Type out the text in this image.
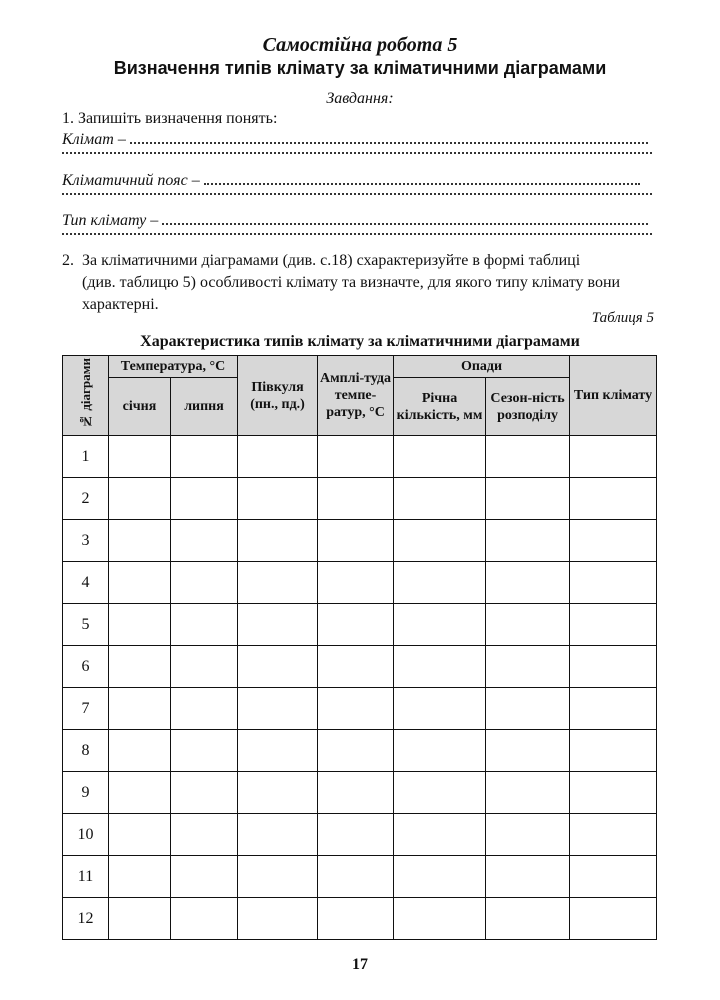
Самостійна робота 5
Визначення типів клімату за кліматичними діаграмами
Завдання:
1. Запишіть визначення понять:
Клімат –
Кліматичний пояс –
Тип клімату –
2. За кліматичними діаграмами (див. с.18) схарактеризуйте в формі таблиці
(див. таблицю 5) особливості клімату та визначте, для якого типу клімату вони
характерні.
Таблиця 5
Характеристика типів клімату за кліматичними діаграмами
№ діаграми	Температура, °С		Півкуля (пн., пд.)	Амплі-туда темпе-ратур, °С	Опади		Тип клімату
	січня	липня			Річна кількість, мм	Сезон-ність розподілу	
1							
2							
3							
4							
5							
6							
7							
8							
9							
10							
11							
12							
17
